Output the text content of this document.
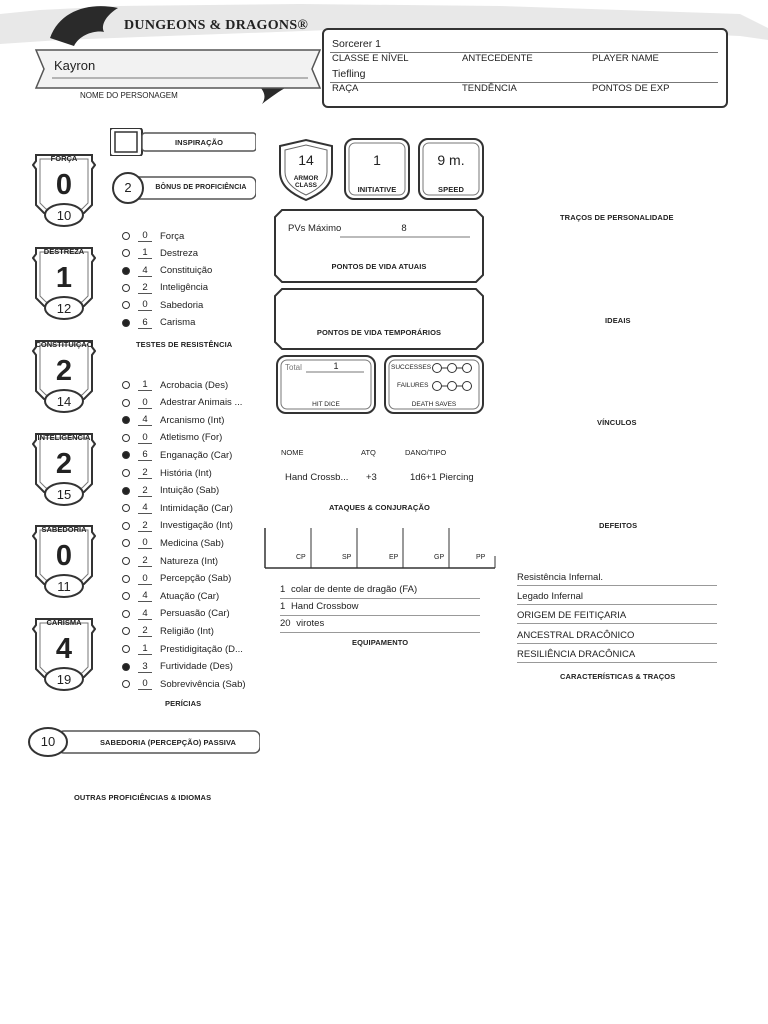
DUNGEONS & DRAGONS®
Kayron
NOME DO PERSONAGEM
Sorcerer 1
CLASSE E NÍVEL	ANTECEDENTE	PLAYER NAME
Tiefling
RAÇA	TENDÊNCIA	PONTOS DE EXP
FORÇA
0
10
DESTREZA
1
12
CONSTITUIÇÃO
2
14
INTELIGÊNCIA
2
15
SABEDORIA
0
11
CARISMA
4
19
INSPIRAÇÃO
2	BÔNUS DE PROFICIÊNCIA
0	Força
1	Destreza
4	Constituição
2	Inteligência
0	Sabedoria
6	Carisma
TESTES DE RESISTÊNCIA
1	Acrobacia (Des)
0	Adestrar Animais ...
4	Arcanismo (Int)
0	Atletismo (For)
6	Enganação (Car)
2	História (Int)
2	Intuição (Sab)
4	Intimidação (Car)
2	Investigação (Int)
0	Medicina (Sab)
2	Natureza (Int)
0	Percepção (Sab)
4	Atuação (Car)
4	Persuasão (Car)
2	Religião (Int)
1	Prestidigitação (D...
3	Furtividade (Des)
0	Sobrevivência (Sab)
PERÍCIAS
10	SABEDORIA (PERCEPÇÃO) PASSIVA
OUTRAS PROFICIÊNCIAS & IDIOMAS
14
ARMOR CLASS
1
INITIATIVE
9 m.
SPEED
PVs Máximo	8
PONTOS DE VIDA ATUAIS
PONTOS DE VIDA TEMPORÁRIOS
Total	1
HIT DICE
SUCCESSES
FAILURES
DEATH SAVES
NOME	ATQ	DANO/TIPO
Hand Crossb... +3	1d6+1 Piercing
ATAQUES & CONJURAÇÃO
CP	SP	EP	GP	PP
1 colar de dente de dragão (FA)
1 Hand Crossbow
20 virotes
EQUIPAMENTO
TRAÇOS DE PERSONALIDADE
IDEAIS
VÍNCULOS
DEFEITOS
Resistência Infernal.
Legado Infernal
ORIGEM DE FEITIÇARIA
ANCESTRAL DRACÔNICO
RESILIÊNCIA DRACÔNICA
CARACTERÍSTICAS & TRAÇOS
